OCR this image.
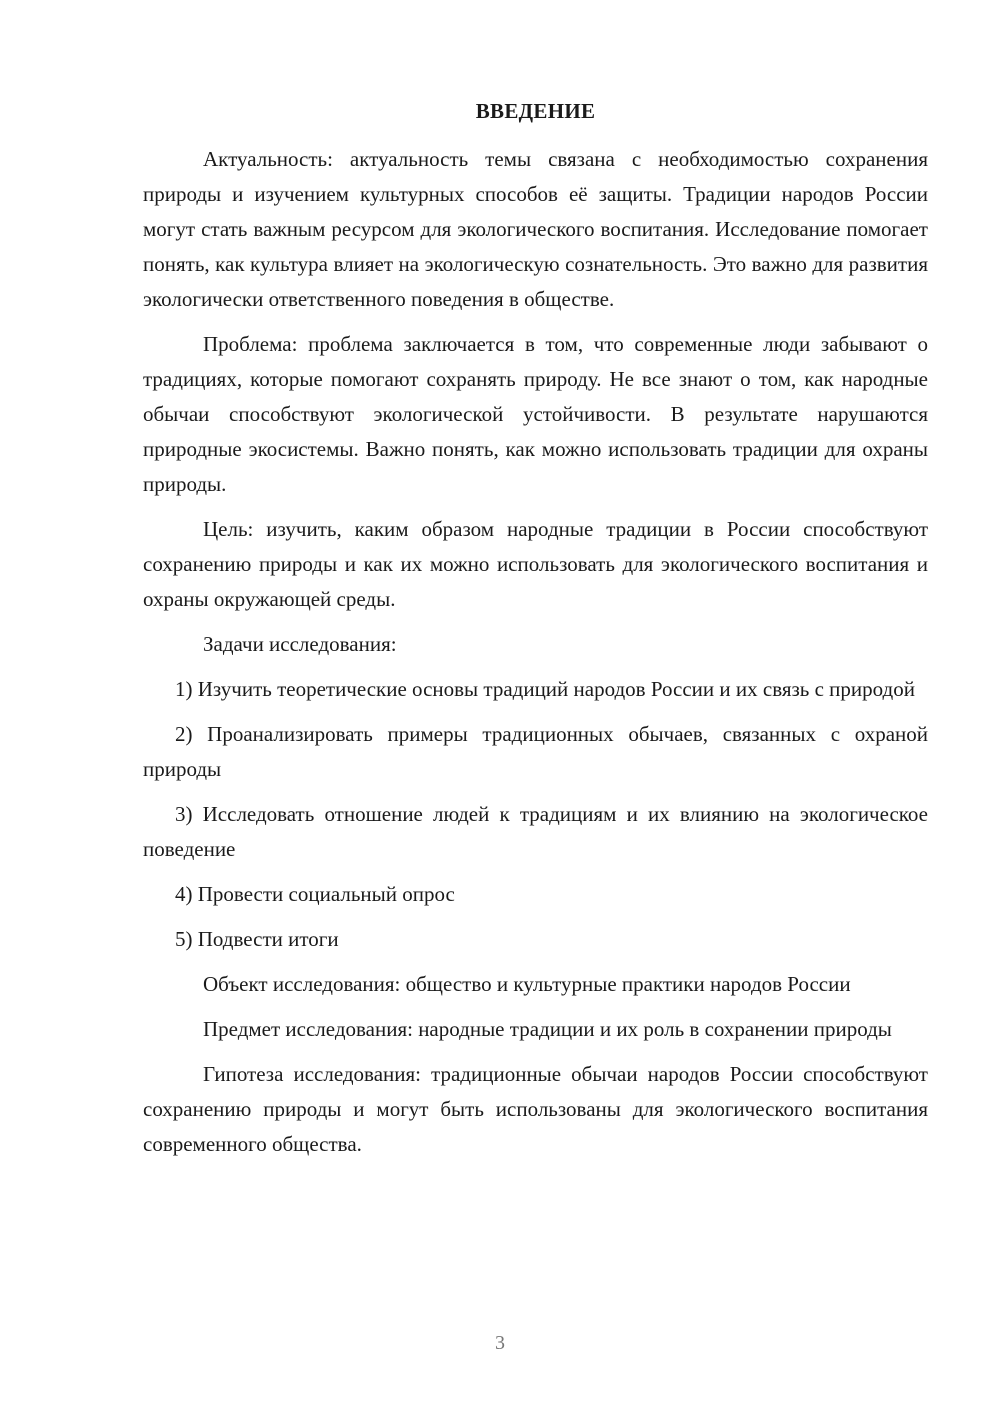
ВВЕДЕНИЕ

Актуальность: актуальность темы связана с необходимостью сохранения природы и изучением культурных способов её защиты. Традиции народов России могут стать важным ресурсом для экологического воспитания. Исследование помогает понять, как культура влияет на экологическую сознательность. Это важно для развития экологически ответственного поведения в обществе.

Проблема: проблема заключается в том, что современные люди забывают о традициях, которые помогают сохранять природу. Не все знают о том, как народные обычаи способствуют экологической устойчивости. В результате нарушаются природные экосистемы. Важно понять, как можно использовать традиции для охраны природы.

Цель: изучить, каким образом народные традиции в России способствуют сохранению природы и как их можно использовать для экологического воспитания и охраны окружающей среды.

Задачи исследования:

1) Изучить теоретические основы традиций народов России и их связь с природой

2) Проанализировать примеры традиционных обычаев, связанных с охраной природы

3) Исследовать отношение людей к традициям и их влиянию на экологическое поведение

4) Провести социальный опрос

5) Подвести итоги

Объект исследования: общество и культурные практики народов России

Предмет исследования: народные традиции и их роль в сохранении природы

Гипотеза исследования: традиционные обычаи народов России способствуют сохранению природы и могут быть использованы для экологического воспитания современного общества.

3
